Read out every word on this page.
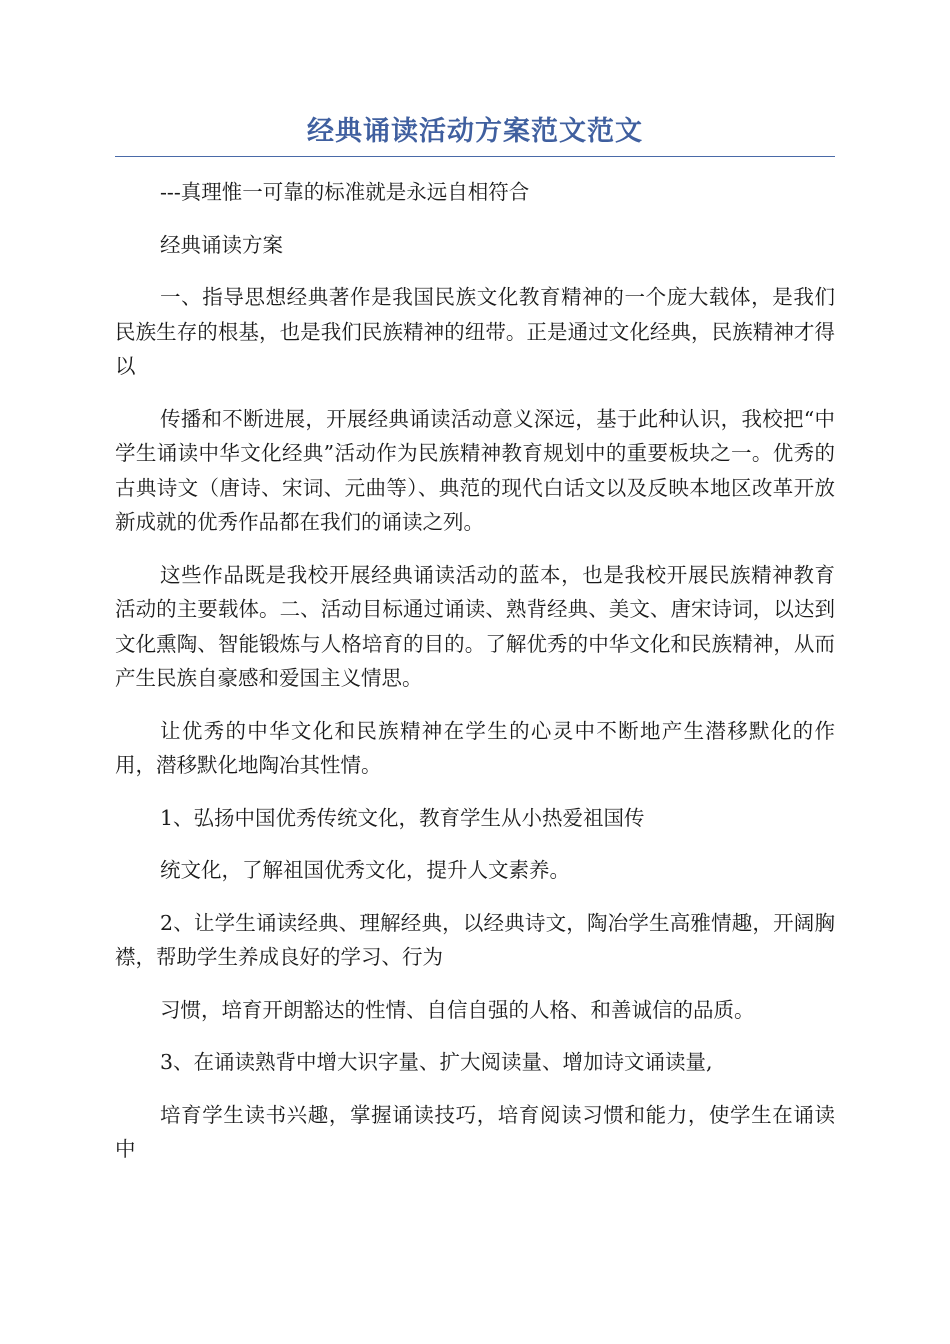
经典诵读活动方案范文范文

---真理惟一可靠的标准就是永远自相符合

经典诵读方案

一、指导思想经典著作是我国民族文化教育精神的一个庞大载体，是我们民族生存的根基，也是我们民族精神的纽带。正是通过文化经典，民族精神才得以

传播和不断进展，开展经典诵读活动意义深远，基于此种认识，我校把“中学生诵读中华文化经典”活动作为民族精神教育规划中的重要板块之一。优秀的古典诗文（唐诗、宋词、元曲等）、典范的现代白话文以及反映本地区改革开放新成就的优秀作品都在我们的诵读之列。

这些作品既是我校开展经典诵读活动的蓝本，也是我校开展民族精神教育活动的主要载体。二、活动目标通过诵读、熟背经典、美文、唐宋诗词，以达到文化熏陶、智能锻炼与人格培育的目的。了解优秀的中华文化和民族精神，从而产生民族自豪感和爱国主义情思。

让优秀的中华文化和民族精神在学生的心灵中不断地产生潜移默化的作用，潜移默化地陶冶其性情。

1、弘扬中国优秀传统文化，教育学生从小热爱祖国传

统文化，了解祖国优秀文化，提升人文素养。

2、让学生诵读经典、理解经典，以经典诗文，陶冶学生高雅情趣，开阔胸襟，帮助学生养成良好的学习、行为

习惯，培育开朗豁达的性情、自信自强的人格、和善诚信的品质。

3、在诵读熟背中增大识字量、扩大阅读量、增加诗文诵读量,

培育学生读书兴趣，掌握诵读技巧，培育阅读习惯和能力，使学生在诵读中
